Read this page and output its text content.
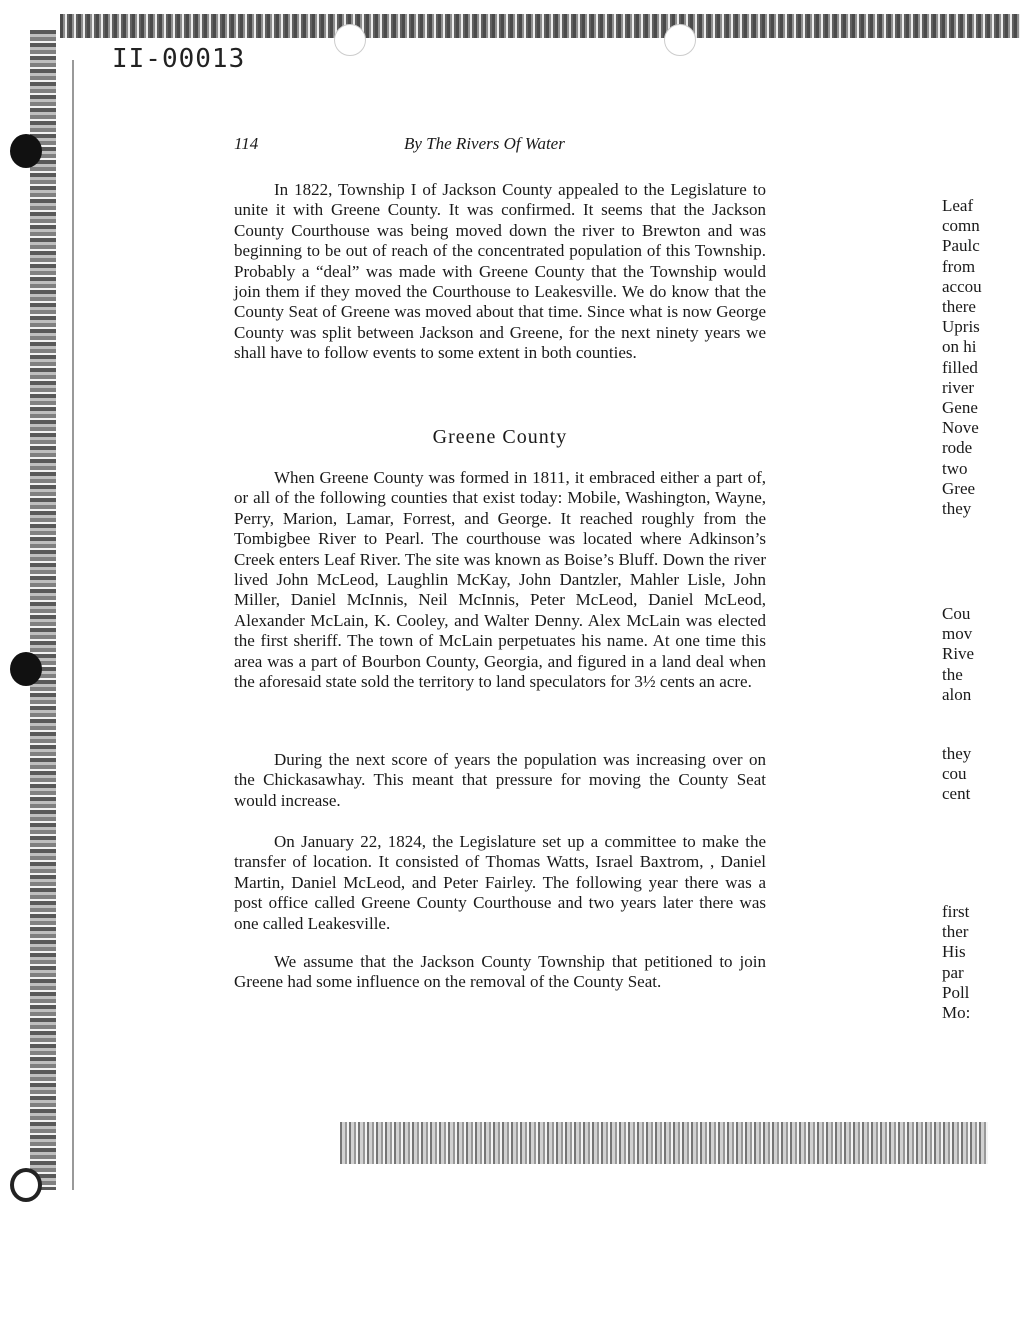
II-00013
114	By The Rivers Of Water

In 1822, Township I of Jackson County appealed to the Legislature to unite it with Greene County. It was confirmed. It seems that the Jackson County Courthouse was being moved down the river to Brewton and was beginning to be out of reach of the concentrated population of this Township. Probably a “deal” was made with Greene County that the Township would join them if they moved the Courthouse to Leakesville. We do know that the County Seat of Greene was moved about that time. Since what is now George County was split between Jackson and Greene, for the next ninety years we shall have to follow events to some extent in both counties.

Greene County

When Greene County was formed in 1811, it embraced either a part of, or all of the following counties that exist today: Mobile, Washington, Wayne, Perry, Marion, Lamar, Forrest, and George. It reached roughly from the Tombigbee River to Pearl. The courthouse was located where Adkinson’s Creek enters Leaf River. The site was known as Boise’s Bluff. Down the river lived John McLeod, Laughlin McKay, John Dantzler, Mahler Lisle, John Miller, Daniel McInnis, Neil McInnis, Peter McLeod, Daniel McLeod, Alexander McLain, K. Cooley, and Walter Denny. Alex McLain was elected the first sheriff. The town of McLain perpetuates his name. At one time this area was a part of Bourbon County, Georgia, and figured in a land deal when the aforesaid state sold the territory to land speculators for 3½ cents an acre.

During the next score of years the population was increasing over on the Chickasawhay. This meant that pressure for moving the County Seat would increase.

On January 22, 1824, the Legislature set up a committee to make the transfer of location. It consisted of Thomas Watts, Israel Baxtrom, , Daniel Martin, Daniel McLeod, and Peter Fairley. The following year there was a post office called Greene County Courthouse and two years later there was one called Leakesville.

We assume that the Jackson County Township that petitioned to join Greene had some influence on the removal of the County Seat.

Leaf
comn
Paulc
from
accou
there
Upris
on hi
filled
river
Gene
Nove
rode
two
Gree
they
Cou
mov
Rive
the
alon
they
cou
cent
first
ther
His
par
Poll
Mo:
